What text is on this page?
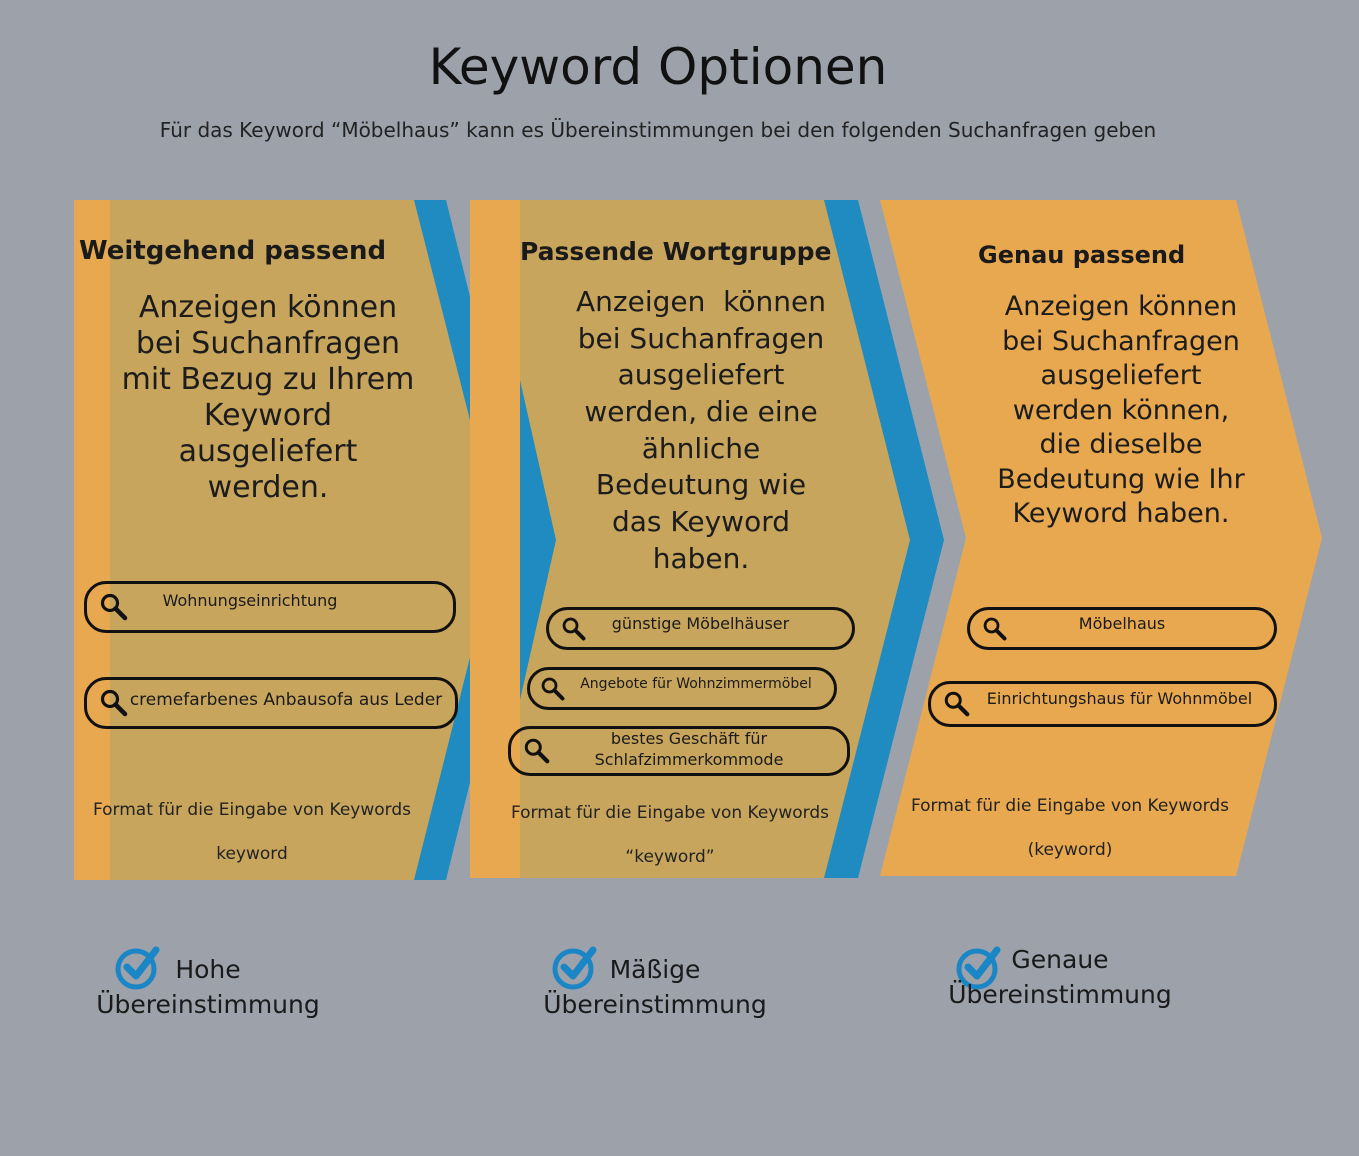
Keyword Optionen
Für das Keyword “Möbelhaus” kann es Übereinstimmungen bei den folgenden Suchanfragen geben
Weitgehend passend
Anzeigen können
bei Suchanfragen
mit Bezug zu Ihrem
Keyword
ausgeliefert
werden.
Wohnungseinrichtung
cremefarbenes Anbausofa aus Leder
Format für die Eingabe von Keywords
keyword
Passende Wortgruppe
Anzeigen  können
bei Suchanfragen
ausgeliefert
werden, die eine
ähnliche
Bedeutung wie
das Keyword
haben.
günstige Möbelhäuser
Angebote für Wohnzimmermöbel
bestes Geschäft für
Schlafzimmerkommode
Format für die Eingabe von Keywords
“keyword”
Genau passend
Anzeigen können
bei Suchanfragen
ausgeliefert
werden können,
die dieselbe
Bedeutung wie Ihr
Keyword haben.
Möbelhaus
Einrichtungshaus für Wohnmöbel
Format für die Eingabe von Keywords
(keyword)
Hohe
Übereinstimmung
Mäßige
Übereinstimmung
Genaue
Übereinstimmung
